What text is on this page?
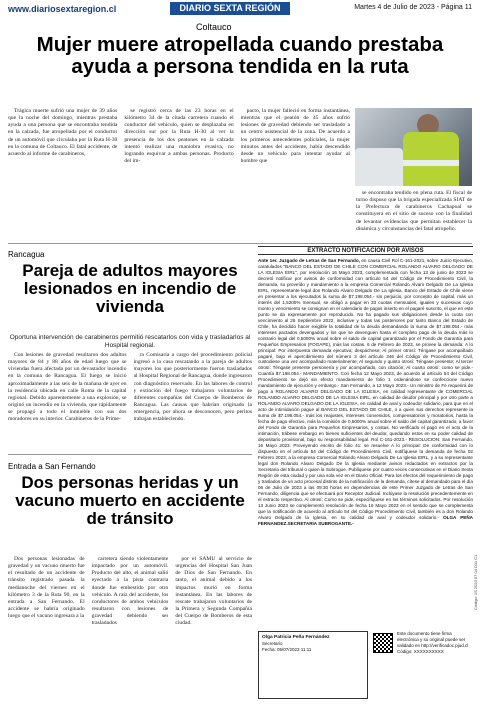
www.diariosextaregion.cl	DIARIO SEXTA REGIÓN	Martes 4 de Julio de 2023 - Página 11
Coltauco
Mujer muere atropellada cuando prestaba ayuda a persona tendida en la ruta

Trágica muerte sufrió una mujer de 39 años que la noche del domingo, mientras prestaba ayuda a una persona que se encontraba tendida en la calzada, fue atropellada por el conductor de un automóvil que circulaba por la Ruta H-30 en la comuna de Coltauco. El fatal accidente, de acuerdo al informe de carabineros,

se registró cerca de las 23 horas en el kilómetro 34 de la citada carretera cuando el conductor del vehículo, quien se desplazaba en dirección sur por la Ruta H-30 al ver la presencia de los dos peatones en la calzada intentó realizar una maniobra evasiva, no logrando esquivar a ambas personas. Producto del im-

pacto, la mujer falleció en forma instantánea, mientras que el peatón de 45 años sufrió lesiones de gravedad debiendo ser trasladado a un centro asistencial de la zona. De acuerdo a los primeros antecedentes policiales, la mujer minutos antes del accidente, había descendido desde un vehículo para intentar ayudar al hombre que

se encontraba tendido en plena ruta. El fiscal de turno dispuso que la brigada especializada SIAT de la Prefectura de carabineros Cachapoal se constituyera en el sitio de suceso con la finalidad de levantar evidencias que permitan establecer la dinámica y circunstancias del fatal atropello.

Rancagua
Pareja de adultos mayores lesionados en incendio de vivienda
Oportuna intervención de carabineros permitió rescatarlos con vida y trasladarlos al Hospital regional.

Con lesiones de gravedad resultaron dos adultos mayores de 84 y 88 años de edad luego que se viviendas fuera afectada por un devastador incendio en la comuna de Rancagua. El fuego se inició aproximadamente a las seis de la mañana de ayer en la residencia ubicada en calle Roma de la capital regional. Debido aparentemente a una explosión, se originó un incendio en la vivienda, que rápidamente se propagó a todo el inmueble con sus dos moradores en su interior. Carabineros de la Prime-

ra Comisaría a cargo del procedimiento policial ingresó a la casa rescatando a la pareja de adultos mayores los que posteriormente fueron trasladados al Hospital Regional de Rancagua, donde ingresaron con diagnóstico reservado. En las labores de control y extinción del fuego trabajaron voluntarios de diferentes compañías del Cuerpo de Bomberos de Rancagua. Las causas que habrían originado la emergencia, por ahora se desconocen, pero peritos trabajan estableciendo.

Entrada a San Fernando
Dos personas heridas y un vacuno muerto en accidente de tránsito

Dos personas lesionadas de gravedad y un vacuno muerto fue el resultado de un accidente de tránsito registrado pasada la medianoche del viernes en el kilómetro 3 de la Ruta 90, en la entrada a San Fernando. El accidente se habría originado luego que el vacuno ingresara a la

carretera siendo violentamente impactado por un automóvil. Producto del alto, el animal salió eyectado a la pista contraria donde fue embestido por otro vehículo. A raíz del accidente, los conductores de ambos vehículos resultaron con lesiones de gravedad debiendo ser trasladados

por el SAMU al servicio de urgencias del Hospital San Juan de Dios de San Fernando. En tanto, el animal debido a los impactos murió en forma instantánea. En las labores de rescate trabajaron voluntarios de la Primera y Segunda Compañía del Cuerpo de Bomberos de esta ciudad.

EXTRACTO NOTIFICACION POR AVISOS
Ante 1er. Juzgado de Letras de San Fernando, en causa Civil Rol C-161-2021, sobre Juicio Ejecutivo, caratulados "BANCO DEL ESTADO DE CHILE CON COMERCIAL ROLANDO ALVARO DELGADO DE LA IGLESIA EIRL", por resolución 16 Mayo 2023, complementada con fecha 13 de junio de 2023 se decretó notificar por avisos de conformidad con artículo 54 del Código de Procedimiento Civil, la demanda, su proveído y mandamiento a la empresa Comercial Rolando Alvaro Delgado De La Iglesia EIRL, representante legal don Rolando Alvaro Delgado De La Iglesia. Banco del Estado de Chile viene en presentar a los ejecutados la suma de $7.198.054.- sin perjuicio, por concepto de capital, más un interés del 1,5200% mensual, se obligó a pagar en 33 cuotas mensuales, iguales y sucesivas cuyo monto y vencimiento se consignan en el calendario de pagos inserto en el pagaré suscrito, el que en este punto se da expresamente por reproducido. No ha pagado sus obligaciones desde la cuota con vencimiento al 26 Septiembre 2022, inclusive y todas las posteriores por tanto Banco del Estado de Chile, ha decidido hacer exigible la totalidad de la deuda demandando la suma de $7.198.054.- más intereses pactados devengados y los que se devenguen hasta el completo pago de la deuda más lo contrario legal del 0,5000% anual sobre el saldo de capital garantizado por el Fondo de Garantía para Pequeños Empresarios (FOGAPE), más las costas. 6 de Febrero de 2023, se provee la demanda: A lo principal: Por interpuesta demanda ejecutiva; despáchese; Al primer otrosí: Téngase por acompañado pagaré, bajo el apercibimiento del número 3 del artículo 346 del Código de Procedimiento Civil, custodiese una vez acompañado materialmente; Al segundo y quinto otrosí: Téngase presente; Al tercer otrosí: Téngase presente personería y por acompañado, con citación; Al cuarto otrosí: como se pide.- Cuantía $7.198.054.- MANDAMIENTO. Con fecha 12 Mayo 2023, de acuerdo al artículo 54 del Código Procedimiento se dejó sin efecto mandamiento de folio 1 ordenándose se confeccione nuevo mandamiento de ejecución y embargo.- San Fernando, a 12 Mayo 2023.- Un ministro de Fe requerirá de pago a ROLANDO ALVARO DELGADO DE LA IGLESIA, en calidad representante de COMERCIAL ROLANDO ALVARO DELGADO DE LA IGLESIA EIRL, en calidad de deudor principal y por otro parte a ROLANDO ALVARO DELGADO DE LA IGLESIA, en calidad de aval y codeudor solidario, para que en el acto de intimidación pague al BANCO DEL ESTADO DE CHILE, o a quien sus derechos represente la suma de $7.198.054.- más los reajustes, intereses convenidos, compensatorios y moratorios, hasta la fecha de pago efectivo, más la comisión de 0,5000% anual sobre el saldo del capital garantizado, a favor del Fondo de Garantía para Pequeños Empresarios, y costas. No verificado el pago en el acto de la intimación, trábese embargo en bienes suficientes del deudor, quedando estos en su poder calidad de depositario provisional, bajo su responsabilidad legal. Rol C-161-2023.- RESOLUCION: San Fernando, 16 Mayo 2023. Proveyendo escrito de folio 41: se resuelve A lo principal: De conformidad con lo dispuesto en el artículo 54 del Código de Procedimiento Civil, notifíquese la demanda de fecha 02 Febrero 2023, a la empresa Comercial Rolando Alvaro Delgado De La Iglesia EIRL, y a su representante legal don Rolando Alvaro Delgado De la Iglesia mediante avisos redactados en extractos por la Secretaria del tribunal o quien la Subrogue. Publíquese por cuatro veces consecutivas en el Diario Sexta Región de esta ciudad y por una sola vez en el Diario Oficial. Para los efectos del requerimiento de pago y traslados de un acto procesal distinto de la notificación de la demanda, cítese al demandado para el día 06 de Julio de 2023 a las 09:30 horas en dependencias de este Primer Juzgado de Letras de San Fernando, diligencia que se efectuará por Receptor Judicial. Inclúyase la resolución precedentemente en el extracto respectivo. Al otrosí: Como se pide, especifíquese en los términos solicitados. Por resolución 13 Junio 2023 se complementó resolución de fecha 16 Mayo 2023 en el sentido que se complementa que la notificación de acuerdo al artículo 54 del Código Procedimiento Civil, también es a don Rolando Alvaro Delgado de la Iglesia, en su calidad de aval y codeudor solidario.- OLGA PEÑA FERNANDEZ.SECRETARIA SUBROGANTE.-
Olga Patricia Peña Fernández
Secretario
Fecha: 05/07/2023 11:11
Este documento tiene firma electrónica y su original puede ser validado en http://verificadoc.pjud.cl
Código: XXXXXXXXXX
Código: 1S 2023 07 04 D11 C1
